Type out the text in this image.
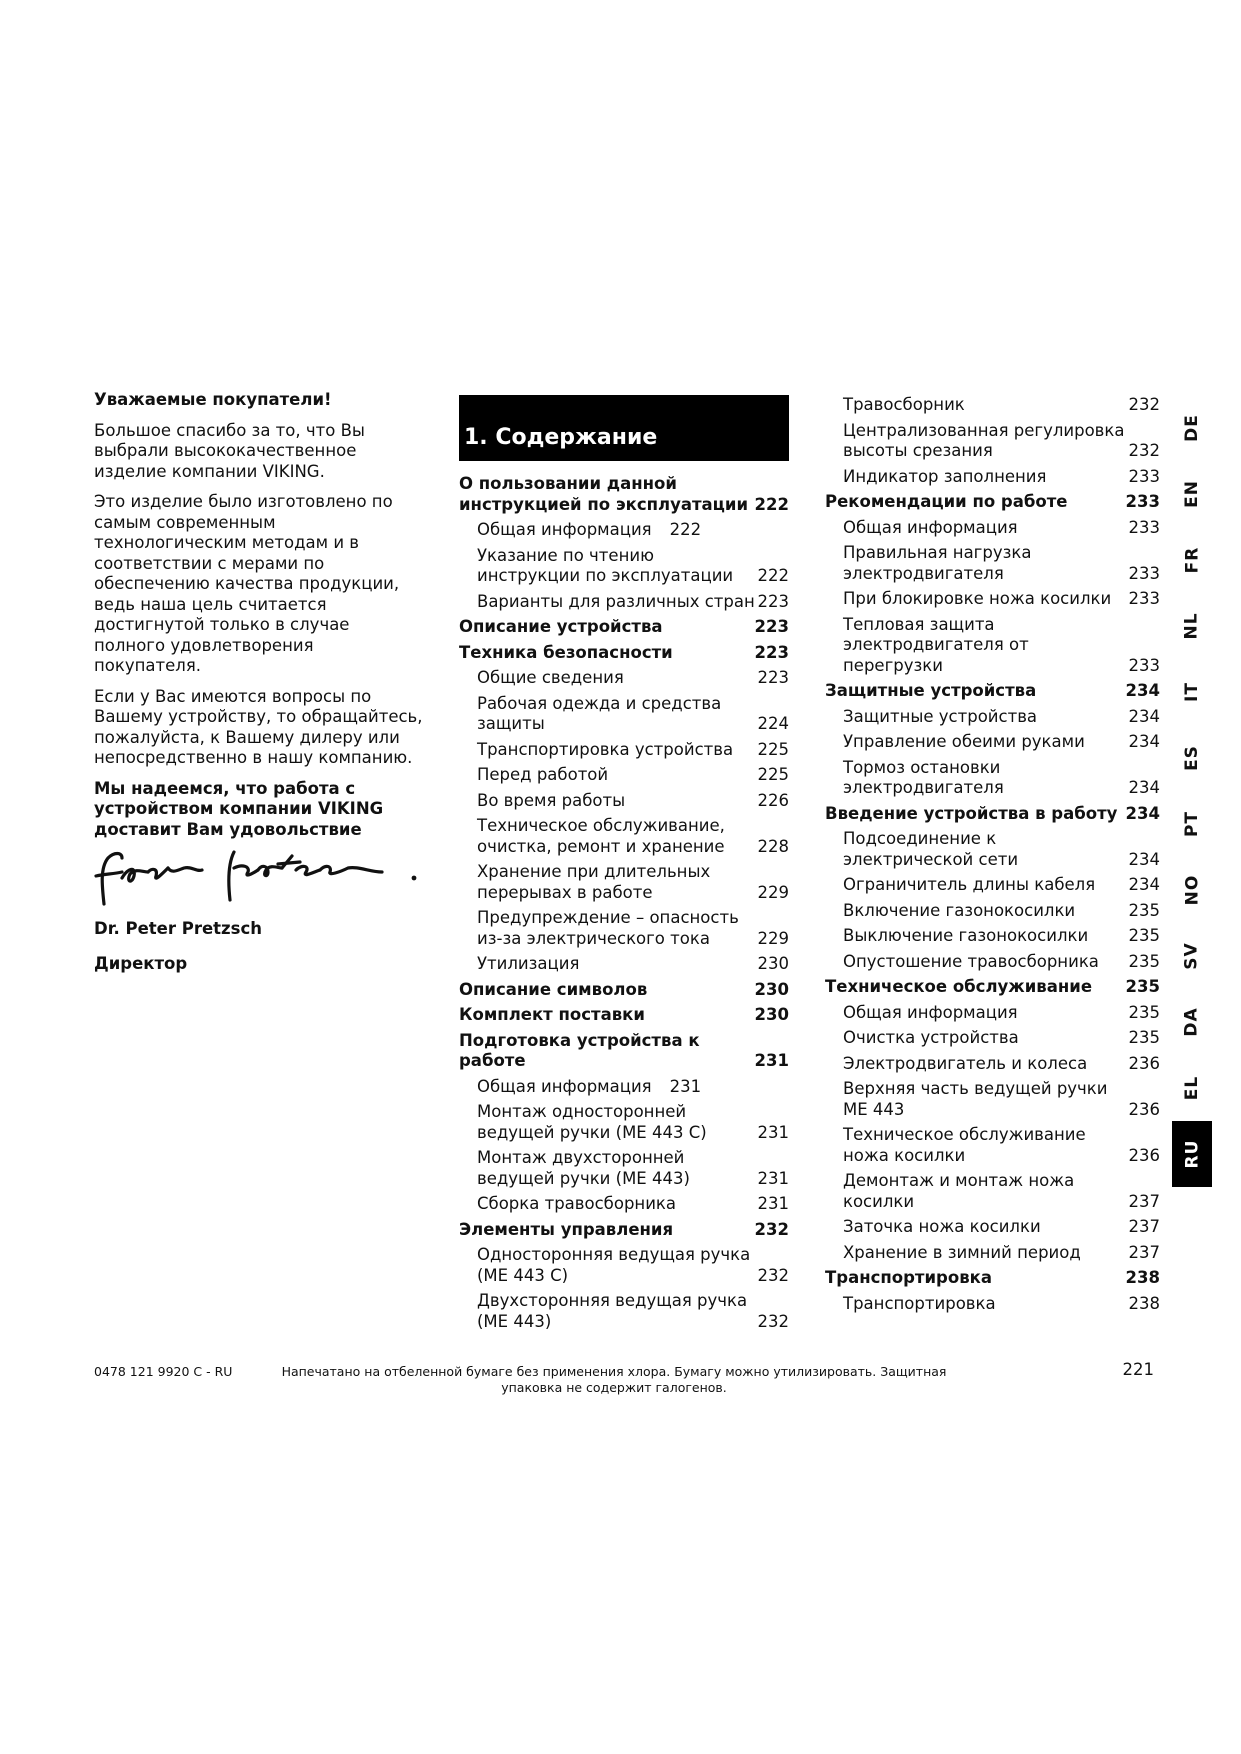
Уважаемые покупатели!

Большое спасибо за то, что Вы выбрали высококачественное изделие компании VIKING.

Это изделие было изготовлено по самым современным технологическим методам и в соответствии с мерами по обеспечению качества продукции, ведь наша цель считается достигнутой только в случае полного удовлетворения покупателя.

Если у Вас имеются вопросы по Вашему устройству, то обращайтесь, пожалуйста, к Вашему дилеру или непосредственно в нашу компанию.

Мы надеемся, что работа с устройством компании VIKING доставит Вам удовольствие

Dr. Peter Pretzsch
Директор
1. Содержание
О пользовании данной инструкцией по эксплуатации 222
Общая информация 222
Указание по чтению инструкции по эксплуатации	222
Варианты для различных стран 223
Описание устройства	223
Техника безопасности	223
Общие сведения	223
Рабочая одежда и средства защиты	224
Транспортировка устройства	225
Перед работой	225
Во время работы	226
Техническое обслуживание, очистка, ремонт и хранение	228
Хранение при длительных перерывах в работе	229
Предупреждение – опасность из-за электрического тока	229
Утилизация	230
Описание символов	230
Комплект поставки	230
Подготовка устройства к работе	231
Общая информация 231
Монтаж односторонней ведущей ручки (ME 443 C)	231
Монтаж двухсторонней ведущей ручки (ME 443)	231
Сборка травосборника	231
Элементы управления	232
Односторонняя ведущая ручка (ME 443 C)	232
Двухсторонняя ведущая ручка (ME 443)	232
Травосборник	232
Централизованная регулировка высоты срезания	232
Индикатор заполнения	233
Рекомендации по работе	233
Общая информация	233
Правильная нагрузка электродвигателя	233
При блокировке ножа косилки	233
Тепловая защита электродвигателя от перегрузки	233
Защитные устройства	234
Защитные устройства	234
Управление обеими руками	234
Тормоз остановки электродвигателя	234
Введение устройства в работу 234
Подсоединение к электрической сети	234
Ограничитель длины кабеля	234
Включение газонокосилки	235
Выключение газонокосилки	235
Опустошение травосборника	235
Техническое обслуживание	235
Общая информация	235
Очистка устройства	235
Электродвигатель и колеса	236
Верхняя часть ведущей ручки ME 443	236
Техническое обслуживание ножа косилки	236
Демонтаж и монтаж ножа косилки	237
Заточка ножа косилки	237
Хранение в зимний период	237
Транспортировка	238
Транспортировка	238
DE
EN
FR
NL
IT
ES
PT
NO
SV
DA
EL
RU
0478 121 9920 C - RU	Напечатано на отбеленной бумаге без применения хлора. Бумагу можно утилизировать. Защитная упаковка не содержит галогенов.
221
